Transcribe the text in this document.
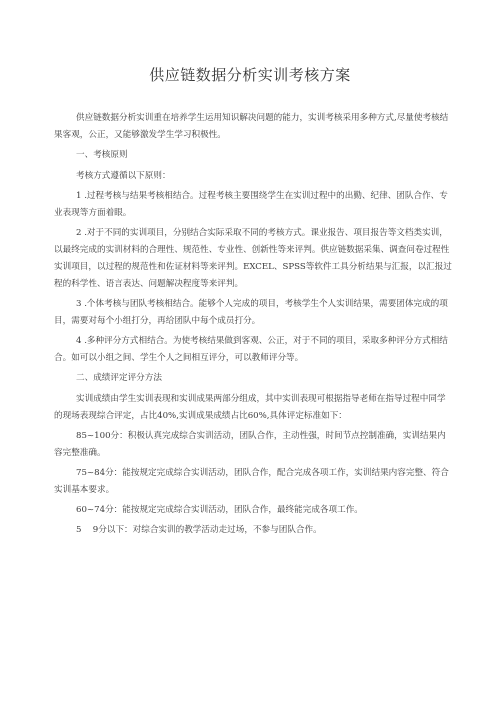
供应链数据分析实训考核方案

供应链数据分析实训重在培养学生运用知识解决问题的能力，实训考核采用多种方式,尽量使考核结果客观，公正，又能够激发学生学习积极性。

一、考核原则

考核方式遵循以下原则：

1 .过程考核与结果考核相结合。过程考核主要围绕学生在实训过程中的出勤、纪律、团队合作、专业表现等方面着眼。

2 .对于不同的实训项目，分别结合实际采取不同的考核方式。课业报告、项目报告等文档类实训，以最终完成的实训材料的合理性、规范性、专业性、创新性等来评判。供应链数据采集、调查问卷过程性实训项目，以过程的规范性和佐证材料等来评判。EXCEL、SPSS等软件工具分析结果与汇报，以汇报过程的科学性、语言表达、问题解决程度等来评判。

3 .个体考核与团队考核相结合。能够个人完成的项目，考核学生个人实训结果，需要团体完成的项目，需要对每个小组打分，再给团队中每个成员打分。

4 .多种评分方式相结合。为使考核结果做到客观、公正，对于不同的项目，采取多种评分方式相结合。如可以小组之间、学生个人之间相互评分，可以教师评分等。

二、成绩评定评分方法

实训成绩由学生实训表现和实训成果两部分组成，其中实训表现可根据指导老师在指导过程中同学的现场表现综合评定，占比40%,实训成果成绩占比60%,具体评定标准如下：

85~100分：积极认真完成综合实训活动，团队合作，主动性强，时间节点控制准确，实训结果内容完整准确。

75~84分：能按规定完成综合实训活动，团队合作，配合完成各项工作，实训结果内容完整、符合实训基本要求。

60~74分：能按规定完成综合实训活动，团队合作，最终能完成各项工作。

5　 9分以下：对综合实训的教学活动走过场，不参与团队合作。
